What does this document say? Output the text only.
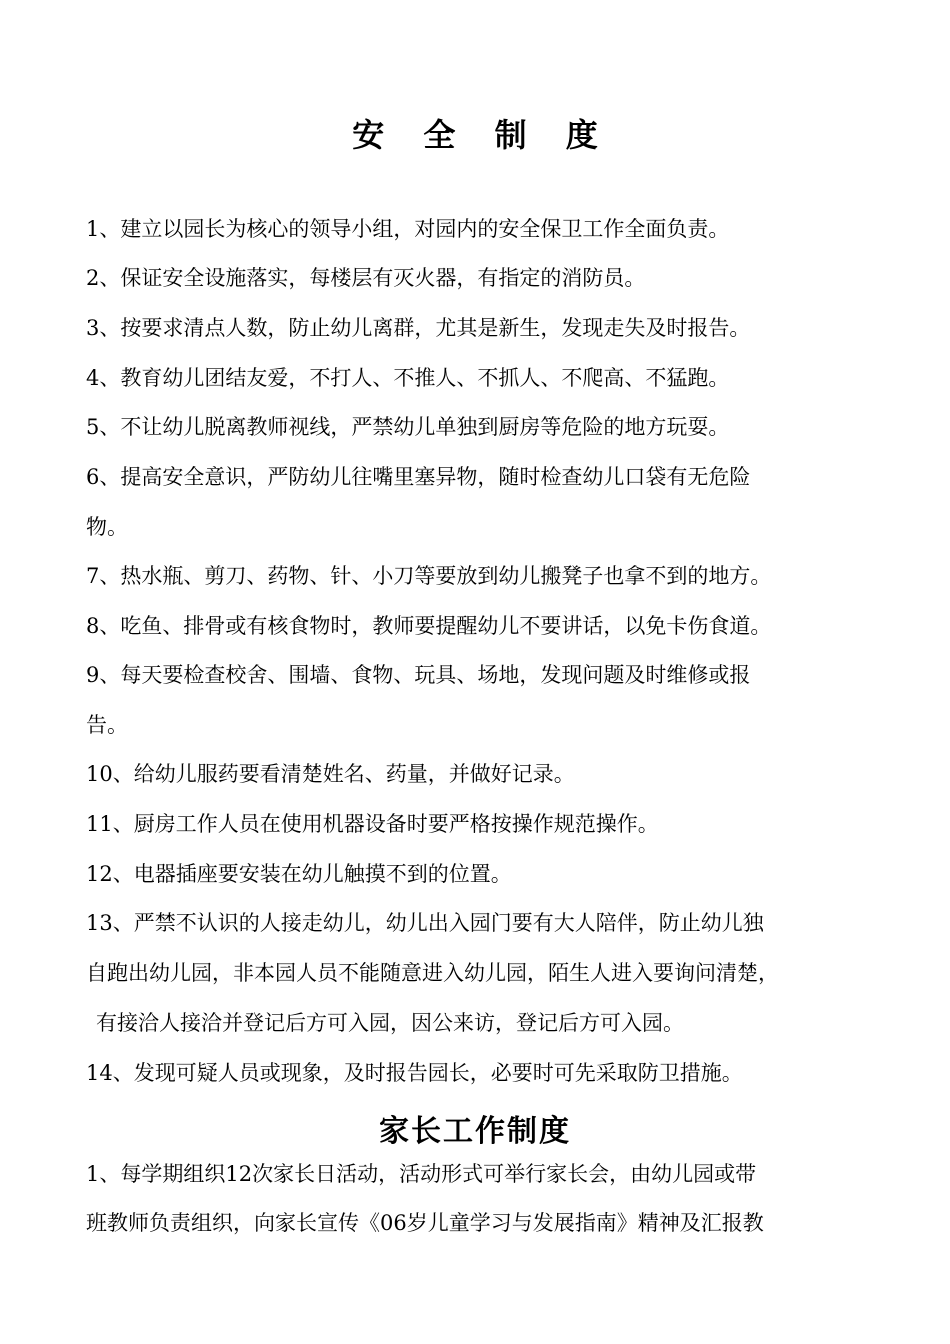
安 全 制 度

1、建立以园长为核心的领导小组，对园内的安全保卫工作全面负责。

2、保证安全设施落实，每楼层有灭火器，有指定的消防员。

3、按要求清点人数，防止幼儿离群，尤其是新生，发现走失及时报告。

4、教育幼儿团结友爱，不打人、不推人、不抓人、不爬高、不猛跑。

5、不让幼儿脱离教师视线，严禁幼儿单独到厨房等危险的地方玩耍。

6、提高安全意识，严防幼儿往嘴里塞异物，随时检查幼儿口袋有无危险

物。

7、热水瓶、剪刀、药物、针、小刀等要放到幼儿搬凳子也拿不到的地方。

8、吃鱼、排骨或有核食物时，教师要提醒幼儿不要讲话，以免卡伤食道。

9、每天要检查校舍、围墙、食物、玩具、场地，发现问题及时维修或报

告。

10、给幼儿服药要看清楚姓名、药量，并做好记录。

11、厨房工作人员在使用机器设备时要严格按操作规范操作。

12、电器插座要安装在幼儿触摸不到的位置。

13、严禁不认识的人接走幼儿，幼儿出入园门要有大人陪伴，防止幼儿独

自跑出幼儿园，非本园人员不能随意进入幼儿园，陌生人进入要询问清楚，

有接洽人接洽并登记后方可入园，因公来访，登记后方可入园。

14、发现可疑人员或现象，及时报告园长，必要时可先采取防卫措施。

家长工作制度

1、每学期组织12次家长日活动，活动形式可举行家长会，由幼儿园或带

班教师负责组织，向家长宣传《06岁儿童学习与发展指南》精神及汇报教
